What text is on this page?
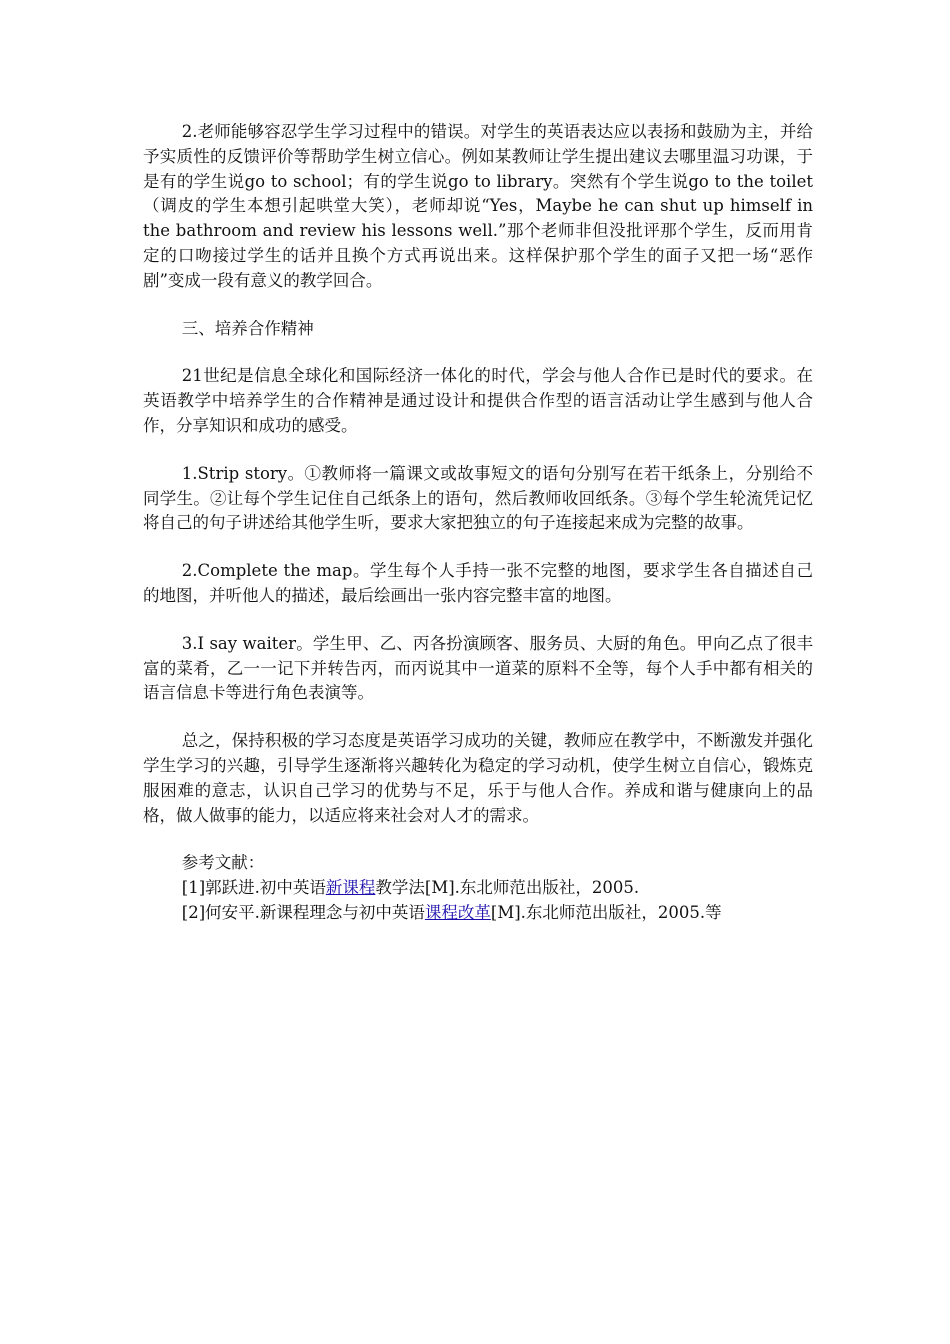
2.老师能够容忍学生学习过程中的错误。对学生的英语表达应以表扬和鼓励为主，并给予实质性的反馈评价等帮助学生树立信心。例如某教师让学生提出建议去哪里温习功课，于是有的学生说go to school；有的学生说go to library。突然有个学生说go to the toilet（调皮的学生本想引起哄堂大笑），老师却说“Yes，Maybe he can shut up himself in the bathroom and review his lessons well.”那个老师非但没批评那个学生，反而用肯定的口吻接过学生的话并且换个方式再说出来。这样保护那个学生的面子又把一场“恶作剧”变成一段有意义的教学回合。

三、培养合作精神

21世纪是信息全球化和国际经济一体化的时代，学会与他人合作已是时代的要求。在英语教学中培养学生的合作精神是通过设计和提供合作型的语言活动让学生感到与他人合作，分享知识和成功的感受。

1.Strip story。①教师将一篇课文或故事短文的语句分别写在若干纸条上，分别给不同学生。②让每个学生记住自己纸条上的语句，然后教师收回纸条。③每个学生轮流凭记忆将自己的句子讲述给其他学生听，要求大家把独立的句子连接起来成为完整的故事。

2.Complete the map。学生每个人手持一张不完整的地图，要求学生各自描述自己的地图，并听他人的描述，最后绘画出一张内容完整丰富的地图。

3.I say waiter。学生甲、乙、丙各扮演顾客、服务员、大厨的角色。甲向乙点了很丰富的菜肴，乙一一记下并转告丙，而丙说其中一道菜的原料不全等，每个人手中都有相关的语言信息卡等进行角色表演等。

总之，保持积极的学习态度是英语学习成功的关键，教师应在教学中，不断激发并强化学生学习的兴趣，引导学生逐渐将兴趣转化为稳定的学习动机，使学生树立自信心，锻炼克服困难的意志，认识自己学习的优势与不足，乐于与他人合作。养成和谐与健康向上的品格，做人做事的能力，以适应将来社会对人才的需求。

参考文献：

[1]郭跃进.初中英语新课程教学法[M].东北师范出版社，2005.

[2]何安平.新课程理念与初中英语课程改革[M].东北师范出版社，2005.等
